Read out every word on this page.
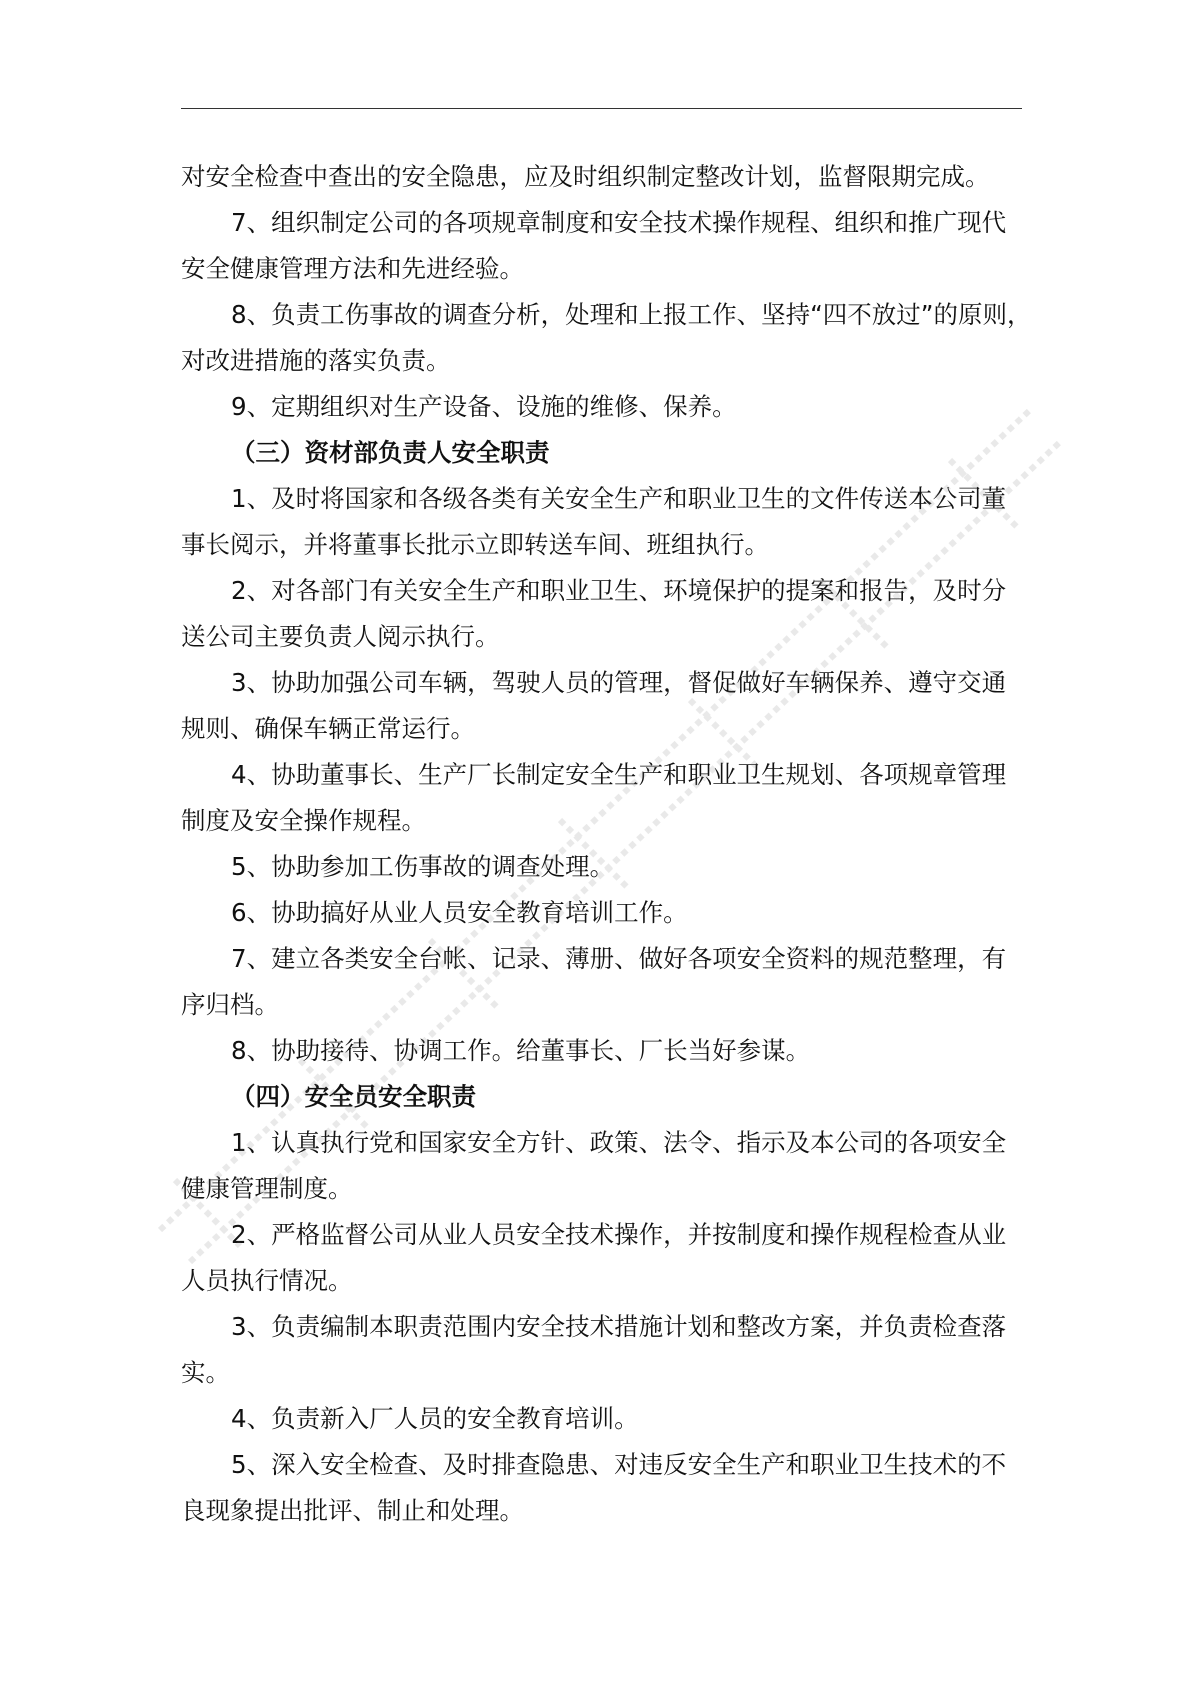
对安全检查中查出的安全隐患，应及时组织制定整改计划，监督限期完成。
7、组织制定公司的各项规章制度和安全技术操作规程、组织和推广现代
安全健康管理方法和先进经验。
8、负责工伤事故的调查分析，处理和上报工作、坚持“四不放过”的原则，
对改进措施的落实负责。
9、定期组织对生产设备、设施的维修、保养。
（三）资材部负责人安全职责
1、及时将国家和各级各类有关安全生产和职业卫生的文件传送本公司董
事长阅示，并将董事长批示立即转送车间、班组执行。
2、对各部门有关安全生产和职业卫生、环境保护的提案和报告，及时分
送公司主要负责人阅示执行。
3、协助加强公司车辆，驾驶人员的管理，督促做好车辆保养、遵守交通
规则、确保车辆正常运行。
4、协助董事长、生产厂长制定安全生产和职业卫生规划、各项规章管理
制度及安全操作规程。
5、协助参加工伤事故的调查处理。
6、协助搞好从业人员安全教育培训工作。
7、建立各类安全台帐、记录、薄册、做好各项安全资料的规范整理，有
序归档。
8、协助接待、协调工作。给董事长、厂长当好参谋。
（四）安全员安全职责
1、认真执行党和国家安全方针、政策、法令、指示及本公司的各项安全
健康管理制度。
2、严格监督公司从业人员安全技术操作，并按制度和操作规程检查从业
人员执行情况。
3、负责编制本职责范围内安全技术措施计划和整改方案，并负责检查落
实。
4、负责新入厂人员的安全教育培训。
5、深入安全检查、及时排查隐患、对违反安全生产和职业卫生技术的不
良现象提出批评、制止和处理。
